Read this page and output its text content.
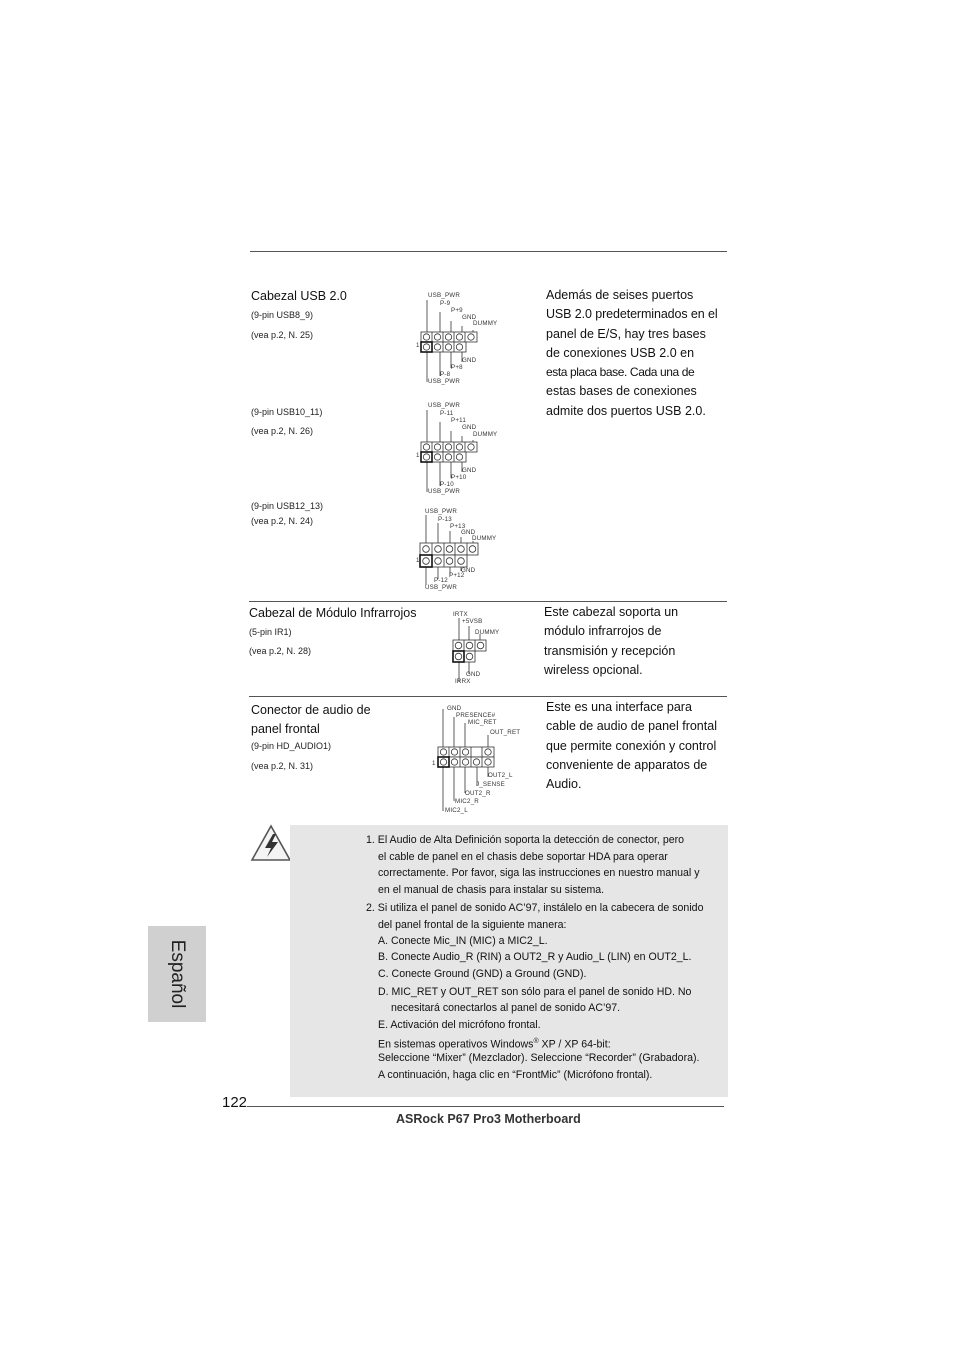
Cabezal USB 2.0
(9-pin USB8_9)
(vea p.2, N. 25)
(9-pin USB10_11)
(vea p.2, N. 26)
(9-pin USB12_13)
(vea p.2, N. 24)
Además de seises puertos
USB 2.0 predeterminados en el
panel de E/S, hay tres bases
de conexiones USB 2.0 en
esta placa base. Cada una de
estas bases de conexiones
admite dos puertos USB 2.0.
USB_PWR
P-9
P+9
GND
DUMMY
GND
P+8
P-8
USB_PWR
1
USB_PWR
P-11
P+11
GND
DUMMY
GND
P+10
P-10
USB_PWR
1
USB_PWR
P-13
P+13
GND
DUMMY
GND
P+12
P-12
USB_PWR
1
Cabezal de Módulo Infrarrojos
(5-pin IR1)
(vea p.2, N. 28)
Este cabezal soporta un
módulo infrarrojos de
transmisión y recepción
wireless opcional.
IRTX
+5VSB
DUMMY
GND
IRRX
Conector de audio de
panel frontal
(9-pin HD_AUDIO1)
(vea p.2, N. 31)
Este es una interface para
cable de audio de panel frontal
que permite conexión y control
conveniente de apparatos de
Audio.
GND
PRESENCE#
MIC_RET
OUT_RET
OUT2_L
J_SENSE
OUT2_R
MIC2_R
MIC2_L
1
1. El Audio de Alta Definición soporta la detección de conector, pero
el cable de panel en el chasis debe soportar HDA para operar
correctamente. Por favor, siga las instrucciones en nuestro manual y
en el manual de chasis para instalar su sistema.
2. Si utiliza el panel de sonido AC’97, instálelo en la cabecera de sonido
del panel frontal de la siguiente manera:
A. Conecte Mic_IN (MIC) a MIC2_L.
B. Conecte Audio_R (RIN) a OUT2_R y Audio_L (LIN) en OUT2_L.
C. Conecte Ground (GND) a Ground (GND).
D. MIC_RET y OUT_RET son sólo para el panel de sonido HD. No
necesitará conectarlos al panel de sonido AC’97.
E. Activación del micrófono frontal.
En sistemas operativos Windows® XP / XP 64-bit:
Seleccione “Mixer” (Mezclador). Seleccione “Recorder” (Grabadora).
A continuación, haga clic en “FrontMic” (Micrófono frontal).
Español
122
ASRock P67 Pro3 Motherboard
